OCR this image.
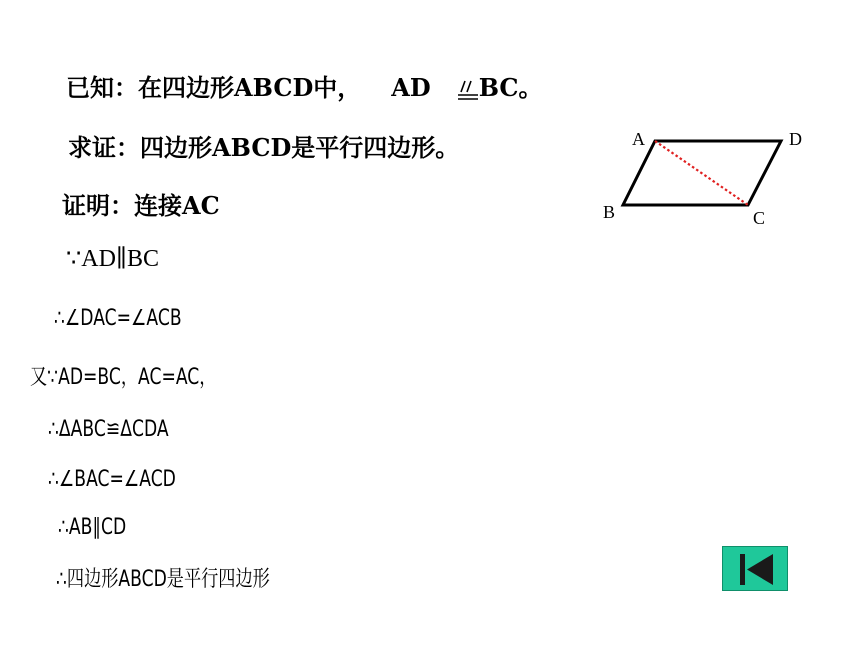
已知：在四边形ABCD中， AD BC。
求证：四边形ABCD是平行四边形。
证明：连接AC
∵AD∥BC
∴∠DAC=∠ACB
又∵AD=BC，AC=AC，
∴ΔABC≌ΔCDA
∴∠BAC=∠ACD
∴AB∥CD
∴四边形ABCD是平行四边形
A	D
B	C
